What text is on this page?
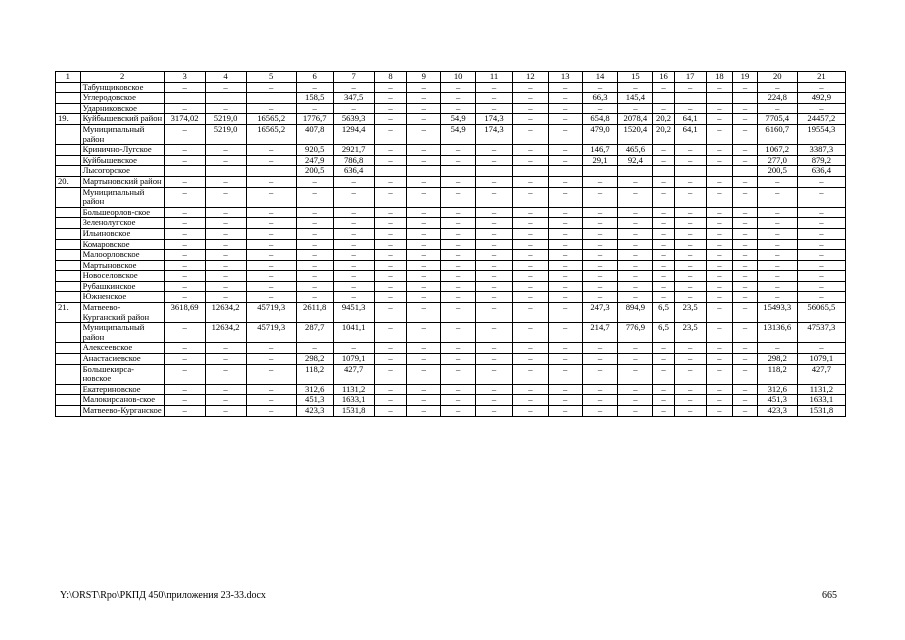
1	2	3	4	5	6	7	8	9	10	11	12	13	14	15	16	17	18	19	20	21
	Табунщиковское	–	–	–	–	–	–	–	–	–	–	–	–	–	–	–	–	–	–	–
	Углеродовское				158,5	347,5	–	–	–	–	–	–	66,3	145,4					224,8	492,9
	Ударниковское	–	–	–	–	–	–	–	–	–	–	–	–	–	–	–	–	–	–	–
19.	Куйбышевский район	3174,02	5219,0	16565,2	1776,7	5639,3	–	–	54,9	174,3	–	–	654,8	2078,4	20,2	64,1	–	–	7705,4	24457,2
	Муниципальный район	–	5219,0	16565,2	407,8	1294,4	–	–	54,9	174,3	–	–	479,0	1520,4	20,2	64,1	–	–	6160,7	19554,3
	Кринично-Лугское	–	–	–	920,5	2921,7	–	–	–	–	–	–	146,7	465,6	–	–	–	–	1067,2	3387,3
	Куйбышевское	–	–	–	247,9	786,8	–	–	–	–	–	–	29,1	92,4	–	–	–	–	277,0	879,2
	Лысогорское				200,5	636,4													200,5	636,4
20.	Мартыновский район	–	–	–	–	–	–	–	–	–	–	–	–	–	–	–	–	–	–	–
	Муниципальный район	–	–	–	–	–	–	–	–	–	–	–	–	–	–	–	–	–	–	–
	Большеорлов-ское	–	–	–	–	–	–	–	–	–	–	–	–	–	–	–	–	–	–	–
	Зеленолугское	–	–	–	–	–	–	–	–	–	–	–	–	–	–	–	–	–	–	–
	Ильиновское	–	–	–	–	–	–	–	–	–	–	–	–	–	–	–	–	–	–	–
	Комаровское	–	–	–	–	–	–	–	–	–	–	–	–	–	–	–	–	–	–	–
	Малоорловское	–	–	–	–	–	–	–	–	–	–	–	–	–	–	–	–	–	–	–
	Мартыновское	–	–	–	–	–	–	–	–	–	–	–	–	–	–	–	–	–	–	–
	Новоселовское	–	–	–	–	–	–	–	–	–	–	–	–	–	–	–	–	–	–	–
	Рубашкинское	–	–	–	–	–	–	–	–	–	–	–	–	–	–	–	–	–	–	–
	Южненское	–	–	–	–	–	–	–	–	–	–	–	–	–	–	–	–	–	–	–
21.	Матвеево-Курганский район	3618,69	12634,2	45719,3	2611,8	9451,3	–	–	–	–	–	–	247,3	894,9	6,5	23,5	–	–	15493,3	56065,5
	Муниципальный район	–	12634,2	45719,3	287,7	1041,1	–	–	–	–	–	–	214,7	776,9	6,5	23,5	–	–	13136,6	47537,3
	Алексеевское	–	–	–	–	–	–	–	–	–	–	–	–	–	–	–	–	–	–	–
	Анастасиевское	–	–	–	298,2	1079,1	–	–	–	–	–	–	–	–	–	–	–	–	298,2	1079,1
	Большекирса-новское	–	–	–	118,2	427,7	–	–	–	–	–	–	–	–	–	–	–	–	118,2	427,7
	Екатериновское	–	–	–	312,6	1131,2	–	–	–	–	–	–	–	–	–	–	–	–	312,6	1131,2
	Малокирсанов-ское	–	–	–	451,3	1633,1	–	–	–	–	–	–	–	–	–	–	–	–	451,3	1633,1
	Матвеево-Курганское	–	–	–	423,3	1531,8	–	–	–	–	–	–	–	–	–	–	–	–	423,3	1531,8
Y:\ORST\Rpo\РКПД 450\приложения 23-33.docx	665
